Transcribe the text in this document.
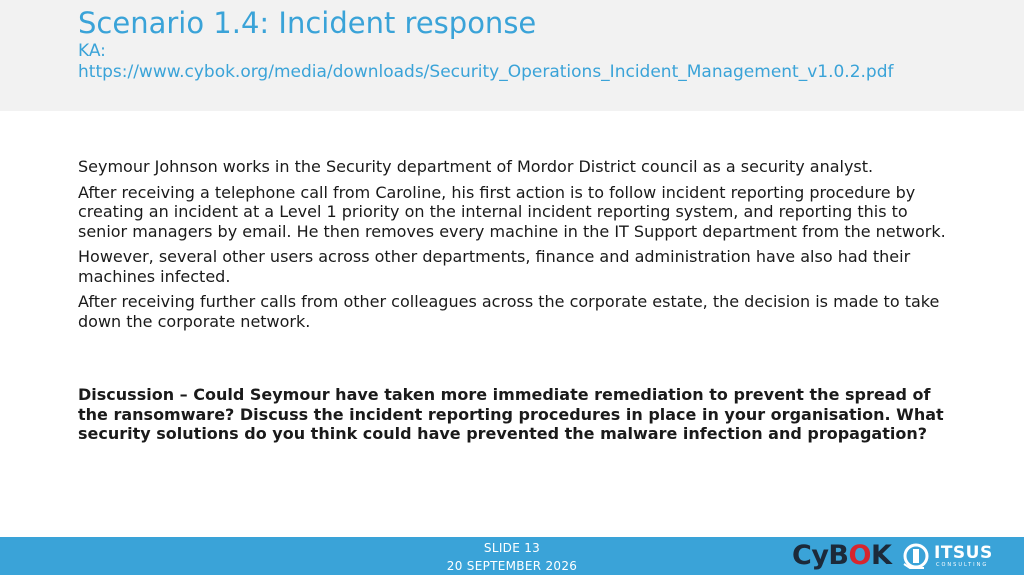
Scenario 1.4: Incident response
KA:
https://www.cybok.org/media/downloads/Security_Operations_Incident_Management_v1.0.2.pdf

Seymour Johnson works in the Security department of Mordor District council as a security analyst.

After receiving a telephone call from Caroline, his first action is to follow incident reporting procedure by creating an incident at a Level 1 priority on the internal incident reporting system, and reporting this to senior managers by email. He then removes every machine in the IT Support department from the network.

However, several other users across other departments, finance and administration have also had their machines infected.

After receiving further calls from other colleagues across the corporate estate, the decision is made to take down the corporate network.

Discussion – Could Seymour have taken more immediate remediation to prevent the spread of the ransomware? Discuss the incident reporting procedures in place in your organisation. What security solutions do you think could have prevented the malware infection and propagation?
SLIDE 13
20 SEPTEMBER 2026	CyBOK	ITSUS
CONSULTING
